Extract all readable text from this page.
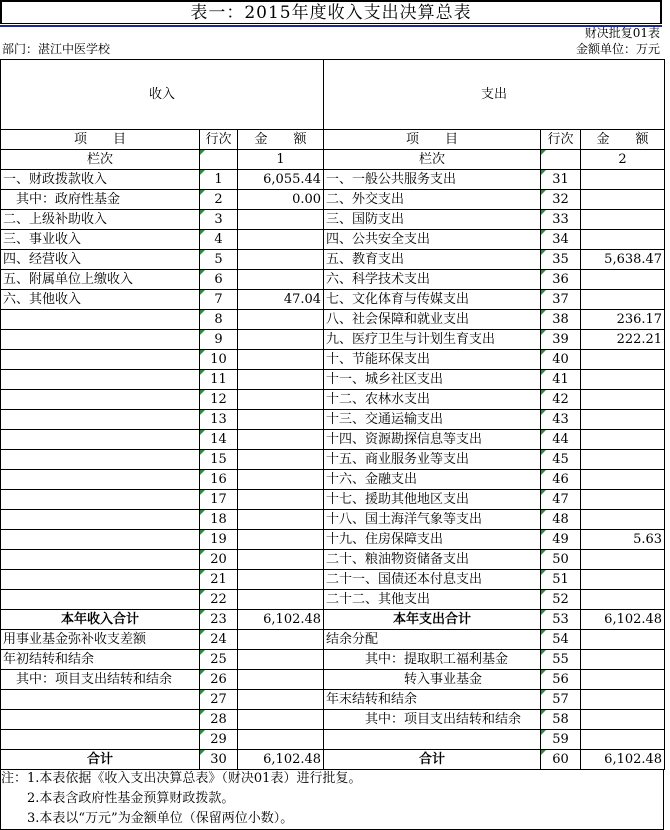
表一：2015年度收入支出决算总表
财决批复01表
部门：湛江中医学校	金额单位：万元
收入			支出		
项　　目	行次	金　　额	项　　目	行次	金　　额
栏次		1	栏次		2
一、财政拨款收入	1	6,055.44	一、一般公共服务支出	31	
　其中：政府性基金	2	0.00	二、外交支出	32	
二、上级补助收入	3		三、国防支出	33	
三、事业收入	4		四、公共安全支出	34	
四、经营收入	5		五、教育支出	35	5,638.47
五、附属单位上缴收入	6		六、科学技术支出	36	
六、其他收入	7	47.04	七、文化体育与传媒支出	37	
	8		八、社会保障和就业支出	38	236.17
	9		九、医疗卫生与计划生育支出	39	222.21
	10		十、节能环保支出	40	
	11		十一、城乡社区支出	41	
	12		十二、农林水支出	42	
	13		十三、交通运输支出	43	
	14		十四、资源勘探信息等支出	44	
	15		十五、商业服务业等支出	45	
	16		十六、金融支出	46	
	17		十七、援助其他地区支出	47	
	18		十八、国土海洋气象等支出	48	
	19		十九、住房保障支出	49	5.63
	20		二十、粮油物资储备支出	50	
	21		二十一、国债还本付息支出	51	
	22		二十二、其他支出	52	
本年收入合计	23	6,102.48	本年支出合计	53	6,102.48
用事业基金弥补收支差额	24		结余分配	54	
年初结转和结余	25		　　　其中：提取职工福利基金	55	
　其中：项目支出结转和结余	26		　　　　　　转入事业基金	56	
	27		年末结转和结余	57	
	28		　　　其中：项目支出结转和结余	58	
	29			59	
合计	30	6,102.48	合计	60	6,102.48
注：1.本表依据《收入支出决算总表》（财决01表）进行批复。
　　2.本表含政府性基金预算财政拨款。
　　3.本表以“万元”为金额单位（保留两位小数）。
